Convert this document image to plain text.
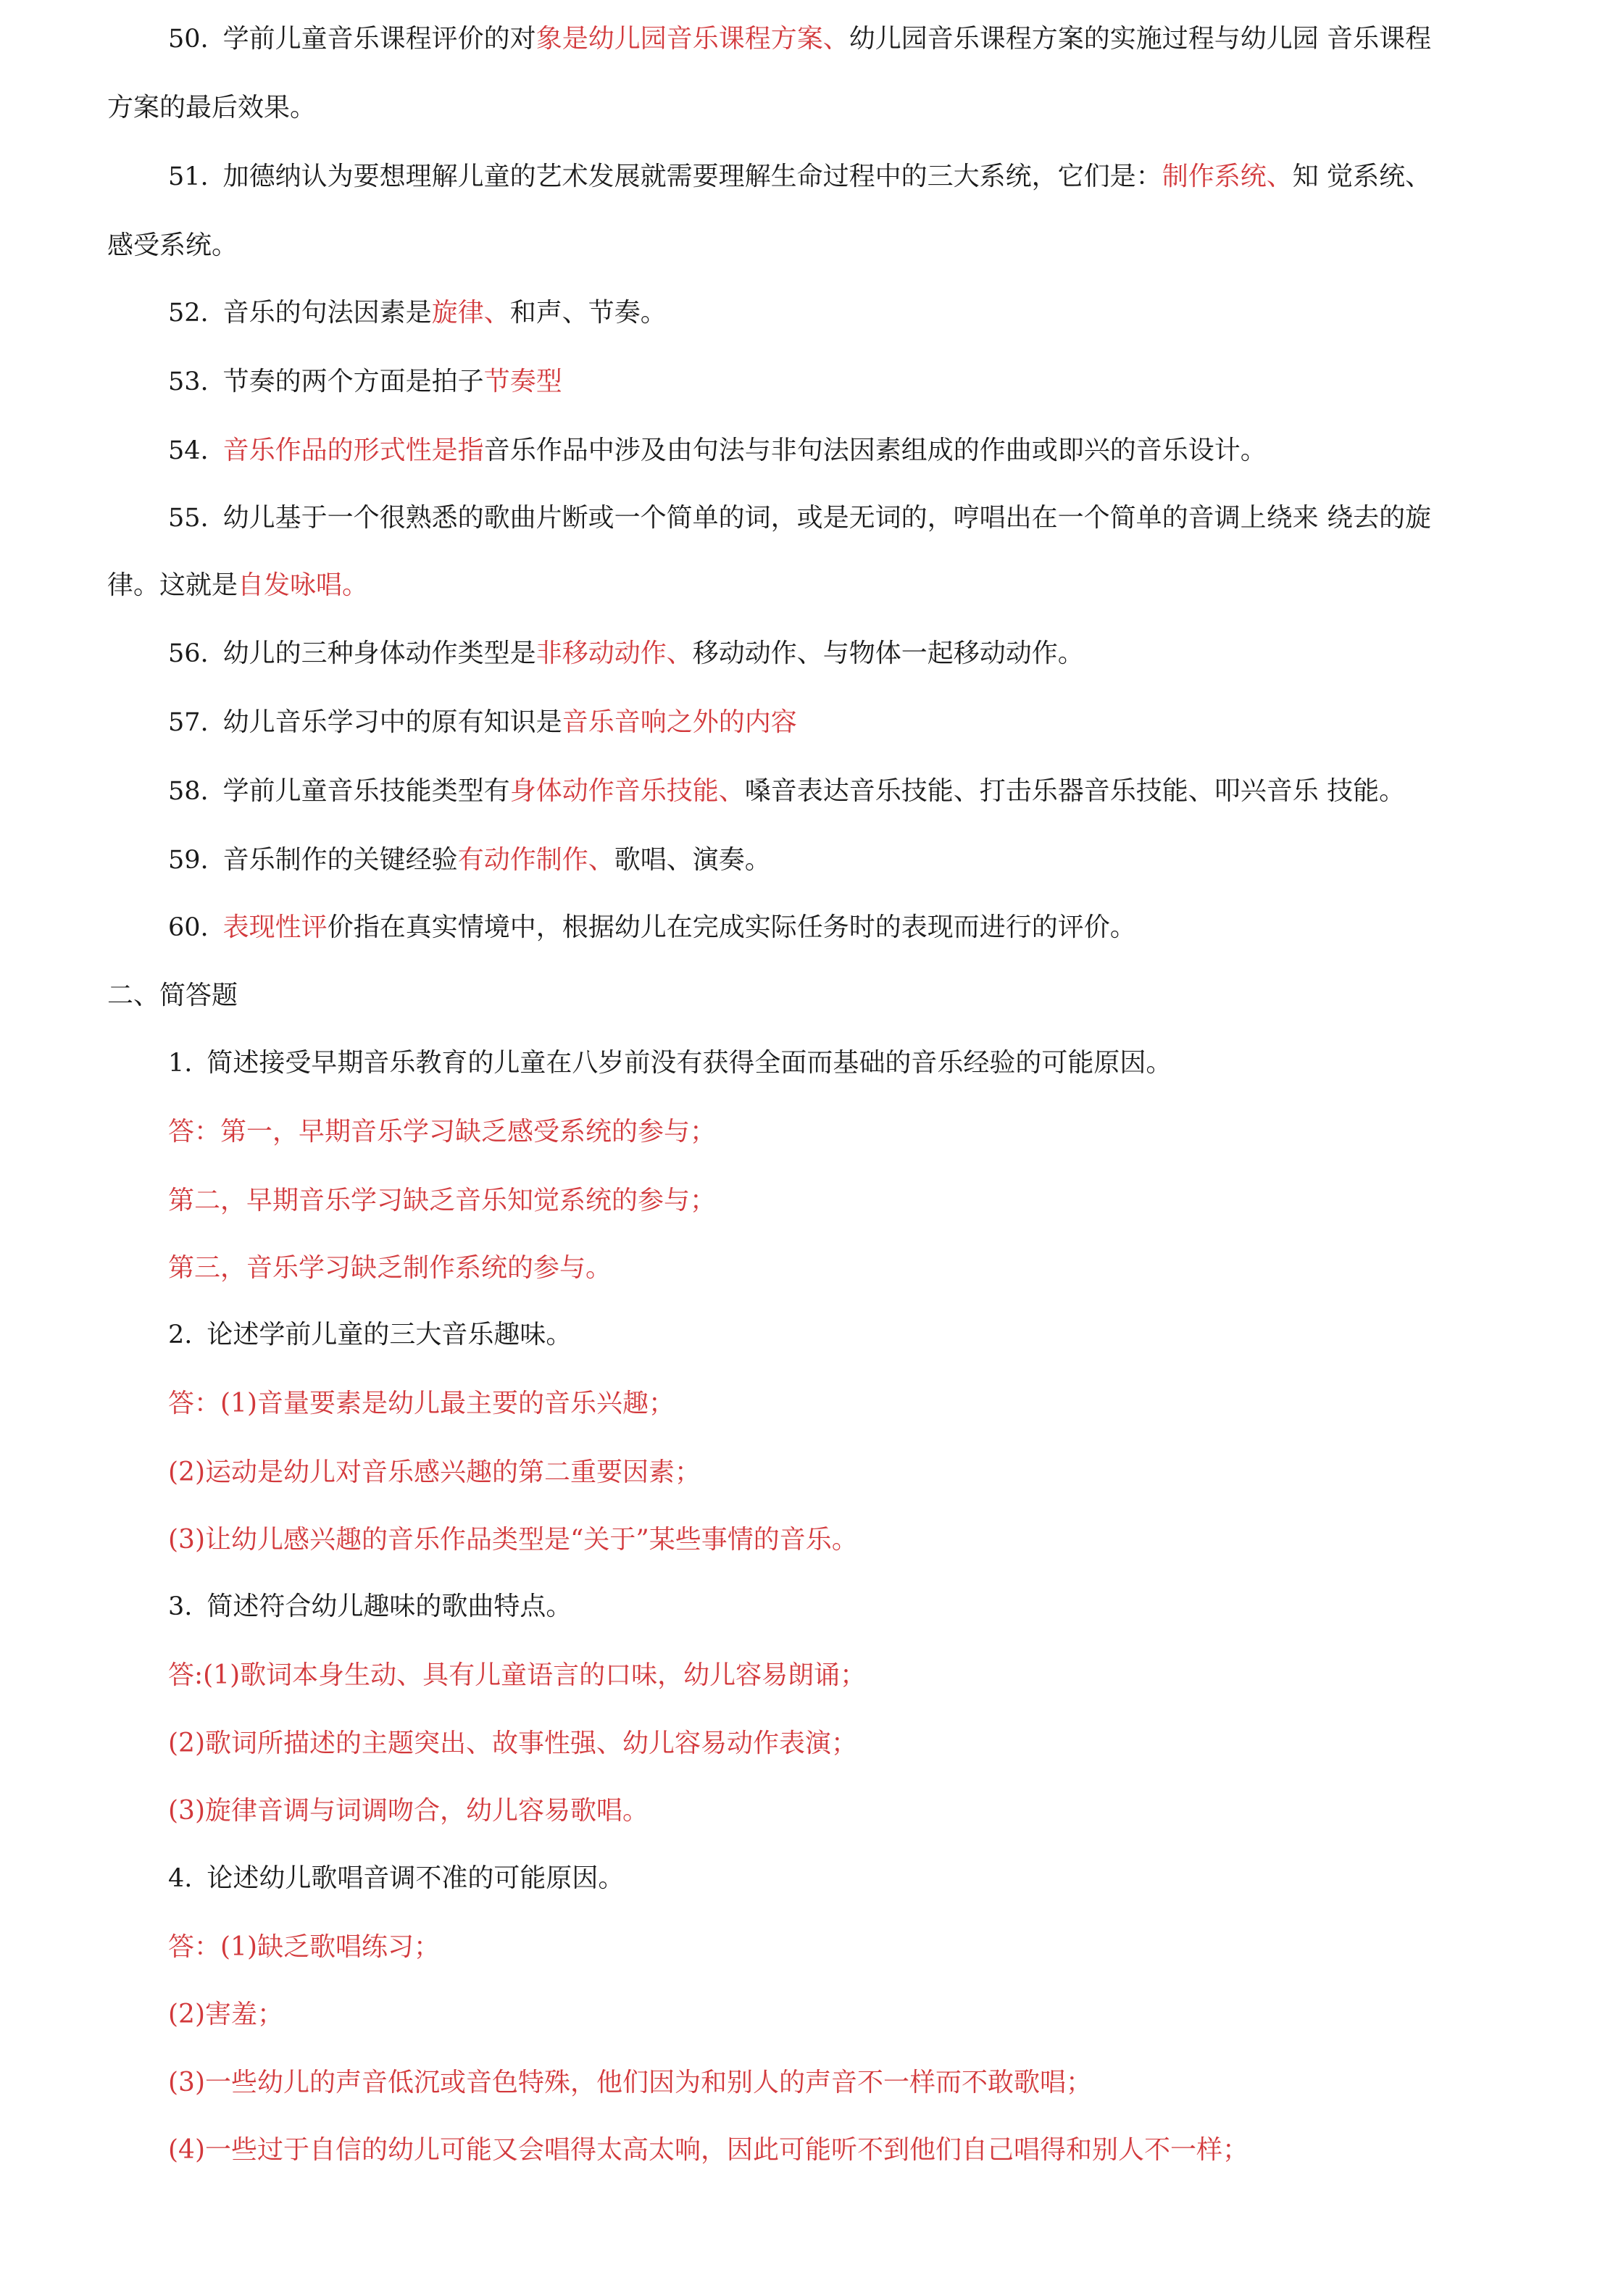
50. 学前儿童音乐课程评价的对象是幼儿园音乐课程方案、幼儿园音乐课程方案的实施过程与幼儿园 音乐课程
方案的最后效果。
51. 加德纳认为要想理解儿童的艺术发展就需要理解生命过程中的三大系统，它们是：制作系统、知 觉系统、
感受系统。
52. 音乐的句法因素是旋律、和声、节奏。
53. 节奏的两个方面是拍子节奏型
54. 音乐作品的形式性是指音乐作品中涉及由句法与非句法因素组成的作曲或即兴的音乐设计。
55. 幼儿基于一个很熟悉的歌曲片断或一个简单的词，或是无词的，哼唱出在一个简单的音调上绕来 绕去的旋
律。这就是自发咏唱。
56. 幼儿的三种身体动作类型是非移动动作、移动动作、与物体一起移动动作。
57. 幼儿音乐学习中的原有知识是音乐音响之外的内容
58. 学前儿童音乐技能类型有身体动作音乐技能、嗓音表达音乐技能、打击乐器音乐技能、叩兴音乐 技能。
59. 音乐制作的关键经验有动作制作、歌唱、演奏。
60. 表现性评价指在真实情境中，根据幼儿在完成实际任务时的表现而进行的评价。
二、简答题
1. 简述接受早期音乐教育的儿童在八岁前没有获得全面而基础的音乐经验的可能原因。
答：第一，早期音乐学习缺乏感受系统的参与；
第二，早期音乐学习缺乏音乐知觉系统的参与；
第三，音乐学习缺乏制作系统的参与。
2. 论述学前儿童的三大音乐趣味。
答：(1)音量要素是幼儿最主要的音乐兴趣；
(2)运动是幼儿对音乐感兴趣的第二重要因素；
(3)让幼儿感兴趣的音乐作品类型是“关于”某些事情的音乐。
3. 简述符合幼儿趣味的歌曲特点。
答:(1)歌词本身生动、具有儿童语言的口味，幼儿容易朗诵；
(2)歌词所描述的主题突出、故事性强、幼儿容易动作表演；
(3)旋律音调与词调吻合，幼儿容易歌唱。
4. 论述幼儿歌唱音调不准的可能原因。
答：(1)缺乏歌唱练习；
(2)害羞；
(3)一些幼儿的声音低沉或音色特殊，他们因为和别人的声音不一样而不敢歌唱；
(4)一些过于自信的幼儿可能又会唱得太高太响，因此可能听不到他们自己唱得和别人不一样；
